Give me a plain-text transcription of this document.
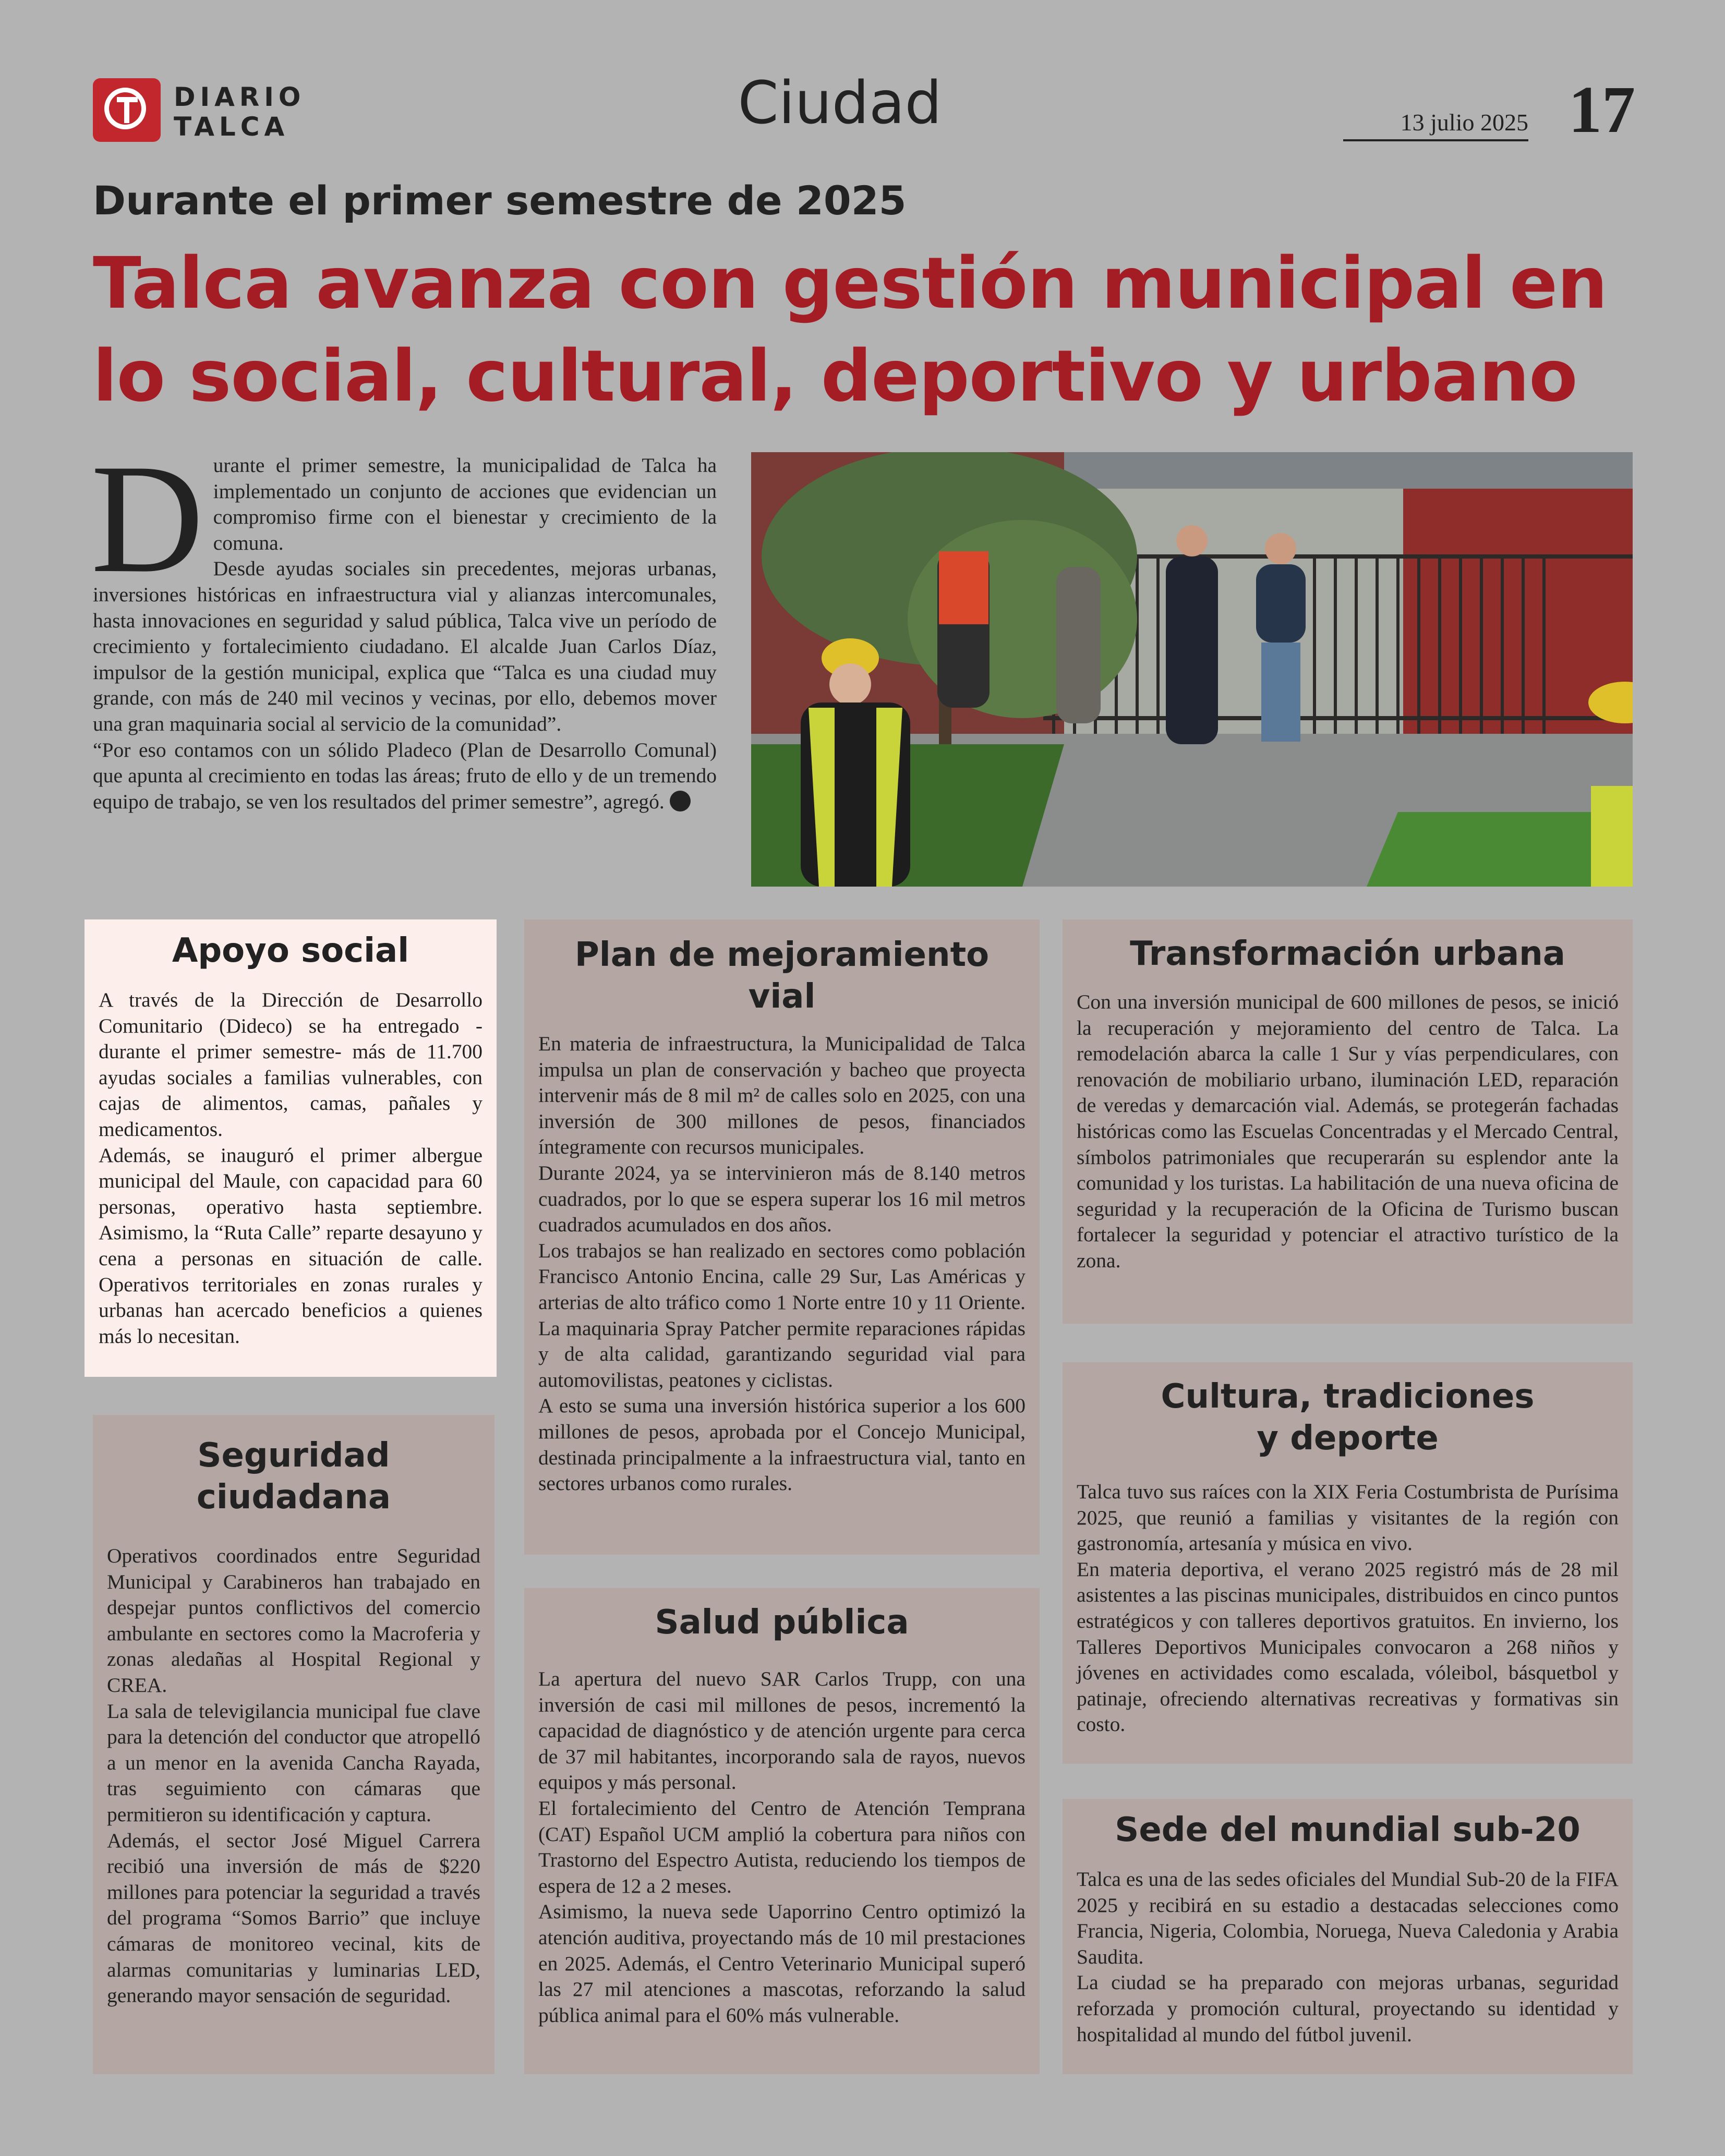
DIARIO
TALCA	Ciudad	13 julio 2025 17
Durante el primer semestre de 2025
Talca avanza con gestión municipal en lo social, cultural, deportivo y urbano
D urante el primer semestre, la municipalidad de Talca ha implementado un conjunto de acciones que evidencian un compromiso firme con el bienestar y crecimiento de la comuna.

Desde ayudas sociales sin precedentes, mejoras urbanas, inversiones históricas en infraestructura vial y alianzas intercomunales, hasta innovaciones en seguridad y salud pública, Talca vive un período de crecimiento y fortalecimiento ciudadano. El alcalde Juan Carlos Díaz, impulsor de la gestión municipal, explica que “Talca es una ciudad muy grande, con más de 240 mil vecinos y vecinas, por ello, debemos mover una gran maquinaria social al servicio de la comunidad”.

“Por eso contamos con un sólido Pladeco (Plan de Desarrollo Comunal) que apunta al crecimiento en todas las áreas; fruto de ello y de un tremendo equipo de trabajo, se ven los resultados del primer semestre”, agregó.

Apoyo social

A través de la Dirección de Desarrollo Comunitario (Dideco) se ha entregado -durante el primer semestre- más de 11.700 ayudas sociales a familias vulnerables, con cajas de alimentos, camas, pañales y medicamentos.

Además, se inauguró el primer albergue municipal del Maule, con capacidad para 60 personas, operativo hasta septiembre. Asimismo, la “Ruta Calle” reparte desayuno y cena a personas en situación de calle. Operativos territoriales en zonas rurales y urbanas han acercado beneficios a quienes más lo necesitan.

Seguridad ciudadana

Operativos coordinados entre Seguridad Municipal y Carabineros han trabajado en despejar puntos conflictivos del comercio ambulante en sectores como la Macroferia y zonas aledañas al Hospital Regional y CREA.

La sala de televigilancia municipal fue clave para la detención del conductor que atropelló a un menor en la avenida Cancha Rayada, tras seguimiento con cámaras que permitieron su identificación y captura.

Además, el sector José Miguel Carrera recibió una inversión de más de $220 millones para potenciar la seguridad a través del programa “Somos Barrio” que incluye cámaras de monitoreo vecinal, kits de alarmas comunitarias y luminarias LED, generando mayor sensación de seguridad.

Plan de mejoramiento vial

En materia de infraestructura, la Municipalidad de Talca impulsa un plan de conservación y bacheo que proyecta intervenir más de 8 mil m² de calles solo en 2025, con una inversión de 300 millones de pesos, financiados íntegramente con recursos municipales.

Durante 2024, ya se intervinieron más de 8.140 metros cuadrados, por lo que se espera superar los 16 mil metros cuadrados acumulados en dos años.

Los trabajos se han realizado en sectores como población Francisco Antonio Encina, calle 29 Sur, Las Américas y arterias de alto tráfico como 1 Norte entre 10 y 11 Oriente. La maquinaria Spray Patcher permite reparaciones rápidas y de alta calidad, garantizando seguridad vial para automovilistas, peatones y ciclistas.

A esto se suma una inversión histórica superior a los 600 millones de pesos, aprobada por el Concejo Municipal, destinada principalmente a la infraestructura vial, tanto en sectores urbanos como rurales.

Salud pública

La apertura del nuevo SAR Carlos Trupp, con una inversión de casi mil millones de pesos, incrementó la capacidad de diagnóstico y de atención urgente para cerca de 37 mil habitantes, incorporando sala de rayos, nuevos equipos y más personal.

El fortalecimiento del Centro de Atención Temprana (CAT) Español UCM amplió la cobertura para niños con Trastorno del Espectro Autista, reduciendo los tiempos de espera de 12 a 2 meses.

Asimismo, la nueva sede Uaporrino Centro optimizó la atención auditiva, proyectando más de 10 mil prestaciones en 2025. Además, el Centro Veterinario Municipal superó las 27 mil atenciones a mascotas, reforzando la salud pública animal para el 60% más vulnerable.

Transformación urbana

Con una inversión municipal de 600 millones de pesos, se inició la recuperación y mejoramiento del centro de Talca. La remodelación abarca la calle 1 Sur y vías perpendiculares, con renovación de mobiliario urbano, iluminación LED, reparación de veredas y demarcación vial. Además, se protegerán fachadas históricas como las Escuelas Concentradas y el Mercado Central, símbolos patrimoniales que recuperarán su esplendor ante la comunidad y los turistas. La habilitación de una nueva oficina de seguridad y la recuperación de la Oficina de Turismo buscan fortalecer la seguridad y potenciar el atractivo turístico de la zona.

Cultura, tradiciones y deporte

Talca tuvo sus raíces con la XIX Feria Costumbrista de Purísima 2025, que reunió a familias y visitantes de la región con gastronomía, artesanía y música en vivo.

En materia deportiva, el verano 2025 registró más de 28 mil asistentes a las piscinas municipales, distribuidos en cinco puntos estratégicos y con talleres deportivos gratuitos. En invierno, los Talleres Deportivos Municipales convocaron a 268 niños y jóvenes en actividades como escalada, vóleibol, básquetbol y patinaje, ofreciendo alternativas recreativas y formativas sin costo.

Sede del mundial sub-20

Talca es una de las sedes oficiales del Mundial Sub-20 de la FIFA 2025 y recibirá en su estadio a destacadas selecciones como Francia, Nigeria, Colombia, Noruega, Nueva Caledonia y Arabia Saudita.

La ciudad se ha preparado con mejoras urbanas, seguridad reforzada y promoción cultural, proyectando su identidad y hospitalidad al mundo del fútbol juvenil.
